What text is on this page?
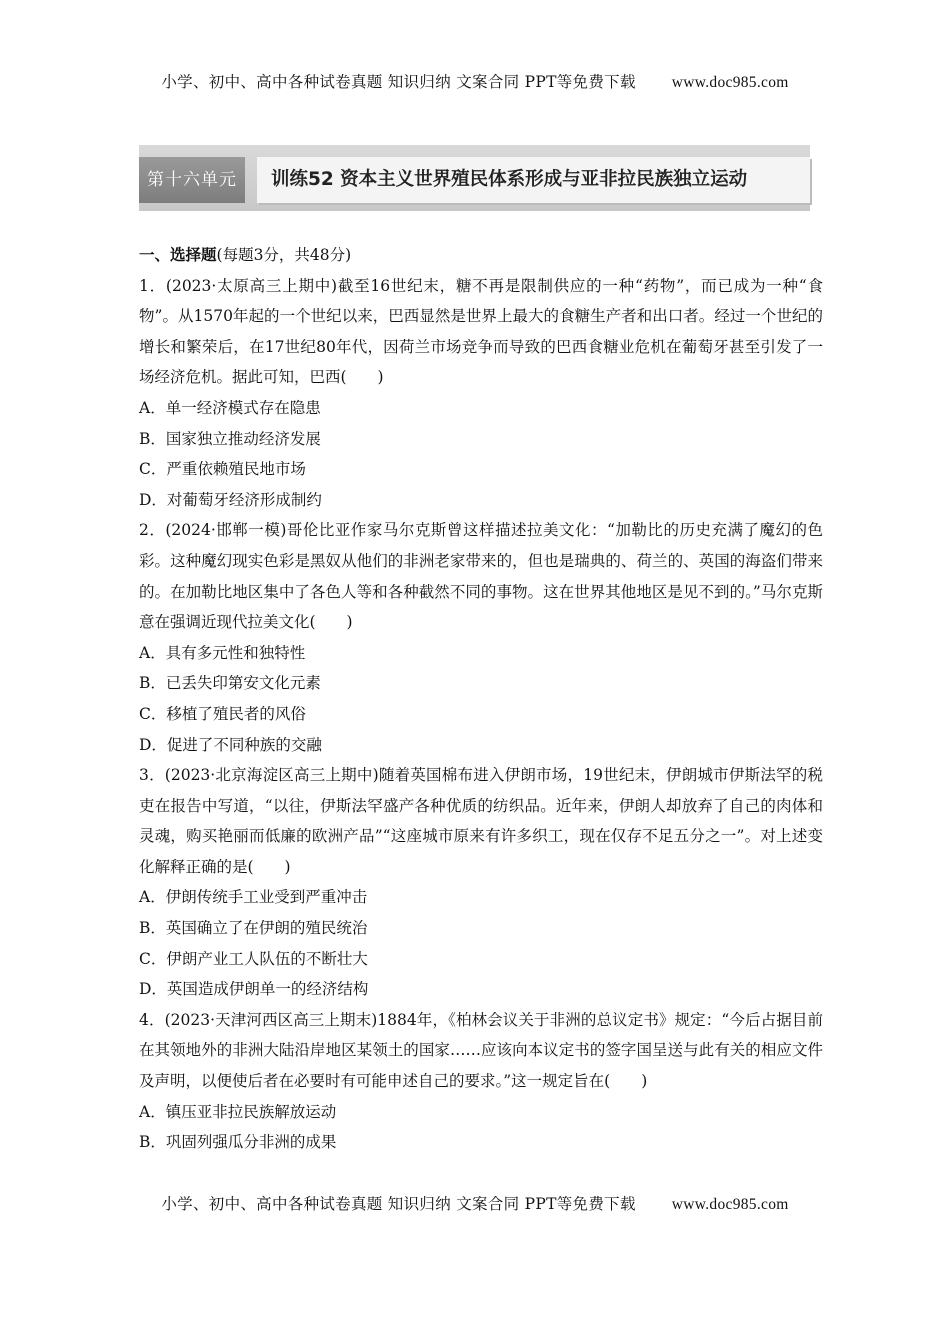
小学、初中、高中各种试卷真题 知识归纳 文案合同 PPT等免费下载 www.doc985.com
第十六单元	训练52 资本主义世界殖民体系形成与亚非拉民族独立运动

一、选择题(每题3分，共48分)

1．(2023·太原高三上期中)截至16世纪末，糖不再是限制供应的一种“药物”，而已成为一种“食物”。从1570年起的一个世纪以来，巴西显然是世界上最大的食糖生产者和出口者。经过一个世纪的增长和繁荣后，在17世纪80年代，因荷兰市场竞争而导致的巴西食糖业危机在葡萄牙甚至引发了一场经济危机。据此可知，巴西(　　)

A．单一经济模式存在隐患

B．国家独立推动经济发展

C．严重依赖殖民地市场

D．对葡萄牙经济形成制约

2．(2024·邯郸一模)哥伦比亚作家马尔克斯曾这样描述拉美文化：“加勒比的历史充满了魔幻的色彩。这种魔幻现实色彩是黑奴从他们的非洲老家带来的，但也是瑞典的、荷兰的、英国的海盗们带来的。在加勒比地区集中了各色人等和各种截然不同的事物。这在世界其他地区是见不到的。”马尔克斯意在强调近现代拉美文化(　　)

A．具有多元性和独特性

B．已丢失印第安文化元素

C．移植了殖民者的风俗

D．促进了不同种族的交融

3．(2023·北京海淀区高三上期中)随着英国棉布进入伊朗市场，19世纪末，伊朗城市伊斯法罕的税吏在报告中写道，“以往，伊斯法罕盛产各种优质的纺织品。近年来，伊朗人却放弃了自己的肉体和灵魂，购买艳丽而低廉的欧洲产品”“这座城市原来有许多织工，现在仅存不足五分之一”。对上述变化解释正确的是(　　)

A．伊朗传统手工业受到严重冲击

B．英国确立了在伊朗的殖民统治

C．伊朗产业工人队伍的不断壮大

D．英国造成伊朗单一的经济结构

4．(2023·天津河西区高三上期末)1884年，《柏林会议关于非洲的总议定书》规定：“今后占据目前在其领地外的非洲大陆沿岸地区某领土的国家……应该向本议定书的签字国呈送与此有关的相应文件及声明，以便使后者在必要时有可能申述自己的要求。”这一规定旨在(　　)

A．镇压亚非拉民族解放运动

B．巩固列强瓜分非洲的成果

小学、初中、高中各种试卷真题 知识归纳 文案合同 PPT等免费下载 www.doc985.com
